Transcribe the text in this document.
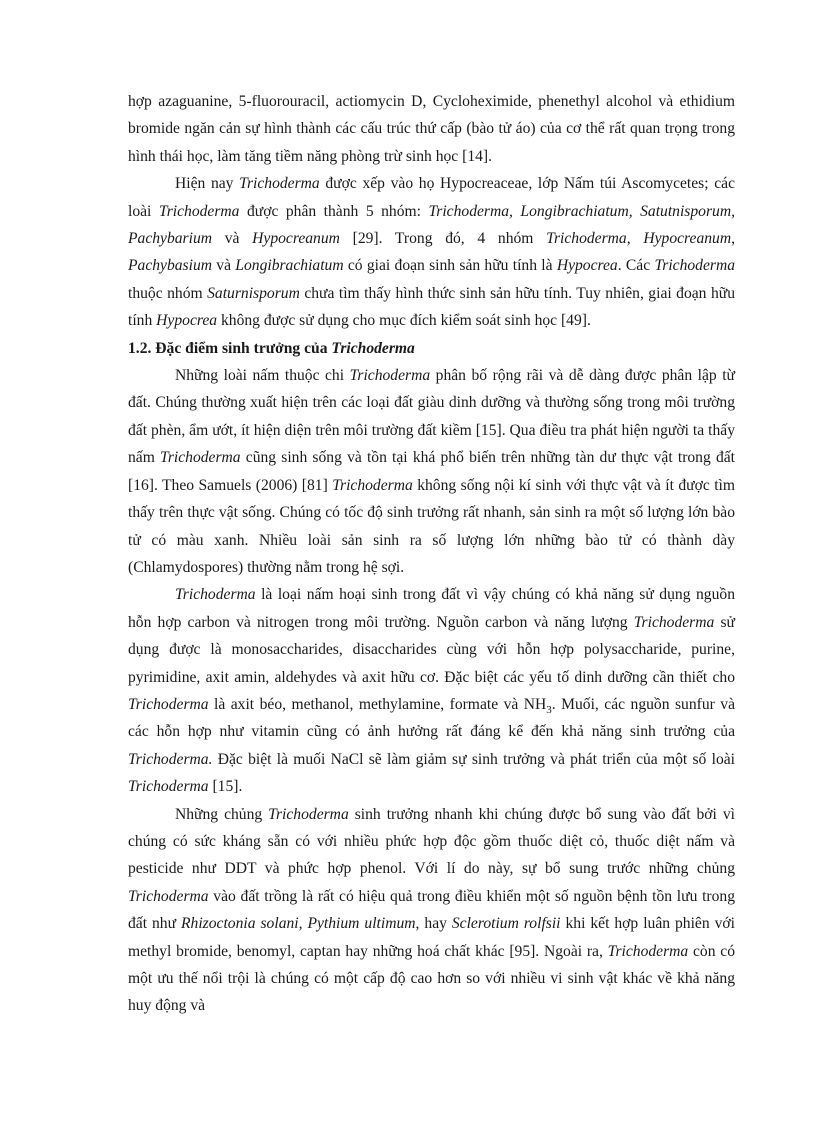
hợp azaguanine, 5-fluorouracil, actiomycin D, Cycloheximide, phenethyl alcohol và ethidium bromide ngăn cản sự hình thành các cấu trúc thứ cấp (bào tử áo) của cơ thể rất quan trọng trong hình thái học, làm tăng tiềm năng phòng trừ sinh học [14].

Hiện nay Trichoderma được xếp vào họ Hypocreaceae, lớp Nấm túi Ascomycetes; các loài Trichoderma được phân thành 5 nhóm: Trichoderma, Longibrachiatum, Satutnisporum, Pachybarium và Hypocreanum [29]. Trong đó, 4 nhóm Trichoderma, Hypocreanum, Pachybasium và Longibrachiatum có giai đoạn sinh sản hữu tính là Hypocrea. Các Trichoderma thuộc nhóm Saturnisporum chưa tìm thấy hình thức sinh sản hữu tính. Tuy nhiên, giai đoạn hữu tính Hypocrea không được sử dụng cho mục đích kiểm soát sinh học [49].

1.2. Đặc điểm sinh trưởng của Trichoderma

Những loài nấm thuộc chi Trichoderma phân bố rộng rãi và dễ dàng được phân lập từ đất. Chúng thường xuất hiện trên các loại đất giàu dinh dưỡng và thường sống trong môi trường đất phèn, ẩm ướt, ít hiện diện trên môi trường đất kiềm [15]. Qua điều tra phát hiện người ta thấy nấm Trichoderma cũng sinh sống và tồn tại khá phổ biến trên những tàn dư thực vật trong đất [16]. Theo Samuels (2006) [81] Trichoderma không sống nội kí sinh với thực vật và ít được tìm thấy trên thực vật sống. Chúng có tốc độ sinh trưởng rất nhanh, sản sinh ra một số lượng lớn bào tử có màu xanh. Nhiều loài sản sinh ra số lượng lớn những bào tử có thành dày (Chlamydospores) thường nằm trong hệ sợi.

Trichoderma là loại nấm hoại sinh trong đất vì vậy chúng có khả năng sử dụng nguồn hỗn hợp carbon và nitrogen trong môi trường. Nguồn carbon và năng lượng Trichoderma sử dụng được là monosaccharides, disaccharides cùng với hỗn hợp polysaccharide, purine, pyrimidine, axit amin, aldehydes và axit hữu cơ. Đặc biệt các yếu tố dinh dưỡng cần thiết cho Trichoderma là axit béo, methanol, methylamine, formate và $NH_3$. Muối, các nguồn sunfur và các hỗn hợp như vitamin cũng có ảnh hưởng rất đáng kể đến khả năng sinh trưởng của Trichoderma. Đặc biệt là muối NaCl sẽ làm giảm sự sinh trưởng và phát triển của một số loài Trichoderma [15].

Những chủng Trichoderma sinh trưởng nhanh khi chúng được bổ sung vào đất bởi vì chúng có sức kháng sẵn có với nhiều phức hợp độc gồm thuốc diệt cỏ, thuốc diệt nấm và pesticide như DDT và phức hợp phenol. Với lí do này, sự bổ sung trước những chủng Trichoderma vào đất trồng là rất có hiệu quả trong điều khiển một số nguồn bệnh tồn lưu trong đất như Rhizoctonia solani, Pythium ultimum, hay Sclerotium rolfsii khi kết hợp luân phiên với methyl bromide, benomyl, captan hay những hoá chất khác [95]. Ngoài ra, Trichoderma còn có một ưu thế nổi trội là chúng có một cấp độ cao hơn so với nhiều vi sinh vật khác về khả năng huy động và
